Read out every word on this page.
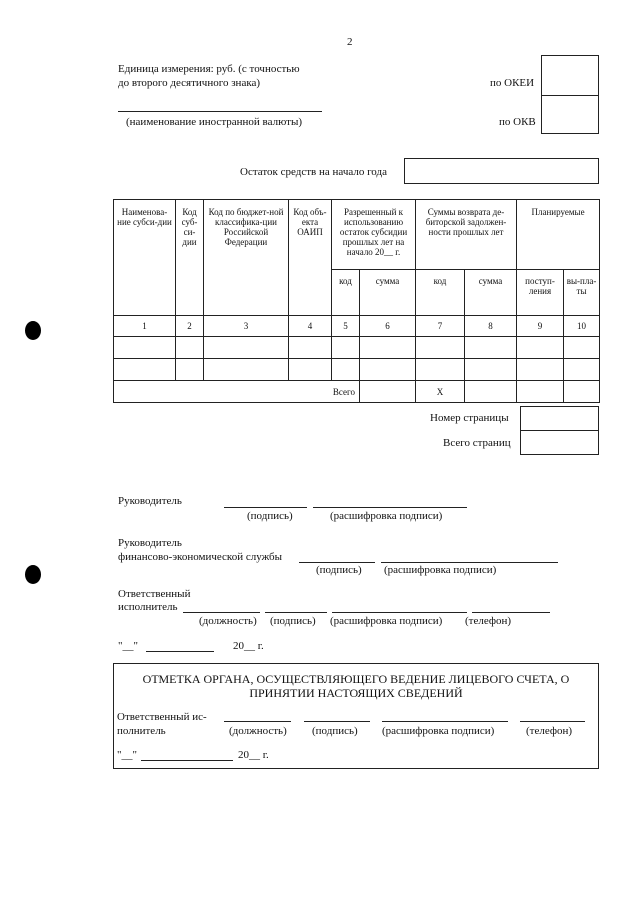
2
Единица измерения: руб. (с точностью
до второго десятичного знака)	по ОКЕИ
(наименование иностранной валюты)	по ОКВ
Остаток средств на начало года
Наименова-ние субси-дии	Код суб-си-дии	Код по бюджет-ной классифика-ции Российской Федерации	Код объ-екта ОАИП	Разрешенный к использованию остаток субсидии прошлых лет на начало 20__ г.		Суммы возврата де-биторской задолжен-ности прошлых лет		Планируемые	
				код	сумма	код	сумма	поступ-ления	вы-пла-ты
1	2	3	4	5	6	7	8	9	10

Всего						X			
Номер страницы
Всего страниц
Руководитель
(подпись)	(расшифровка подписи)
Руководитель
финансово-экономической службы
(подпись) (расшифровка подписи)
Ответственный
исполнитель
(должность) (подпись) (расшифровка подписи) (телефон)
"__"	20__ г.
ОТМЕТКА ОРГАНА, ОСУЩЕСТВЛЯЮЩЕГО ВЕДЕНИЕ ЛИЦЕВОГО СЧЕТА, О
ПРИНЯТИИ НАСТОЯЩИХ СВЕДЕНИЙ
Ответственный ис-
полнитель	(должность) (подпись) (расшифровка подписи)	(телефон)
"__"	20__ г.
